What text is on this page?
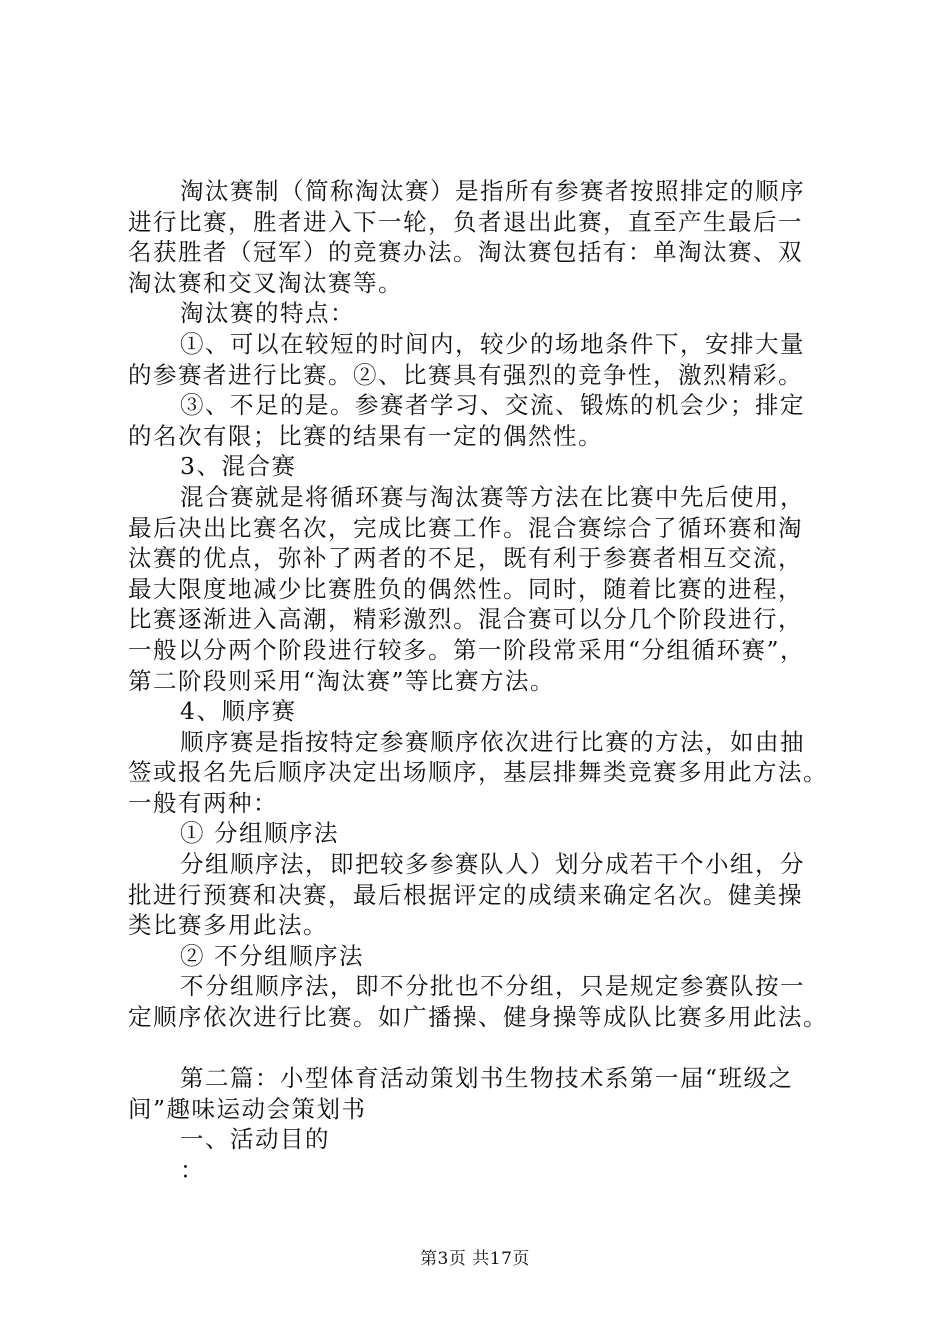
淘汰赛制（简称淘汰赛）是指所有参赛者按照排定的顺序
进行比赛，胜者进入下一轮，负者退出此赛，直至产生最后一
名获胜者（冠军）的竞赛办法。淘汰赛包括有：单淘汰赛、双
淘汰赛和交叉淘汰赛等。
淘汰赛的特点：
①、可以在较短的时间内，较少的场地条件下，安排大量
的参赛者进行比赛。②、比赛具有强烈的竞争性，激烈精彩。
③、不足的是。参赛者学习、交流、锻炼的机会少；排定
的名次有限；比赛的结果有一定的偶然性。
3、混合赛
混合赛就是将循环赛与淘汰赛等方法在比赛中先后使用，
最后决出比赛名次，完成比赛工作。混合赛综合了循环赛和淘
汰赛的优点，弥补了两者的不足，既有利于参赛者相互交流，
最大限度地减少比赛胜负的偶然性。同时，随着比赛的进程，
比赛逐渐进入高潮，精彩激烈。混合赛可以分几个阶段进行，
一般以分两个阶段进行较多。第一阶段常采用“分组循环赛”，
第二阶段则采用“淘汰赛”等比赛方法。
4、顺序赛
顺序赛是指按特定参赛顺序依次进行比赛的方法，如由抽
签或报名先后顺序决定出场顺序，基层排舞类竞赛多用此方法。
一般有两种：
① 分组顺序法
分组顺序法，即把较多参赛队人）划分成若干个小组，分
批进行预赛和决赛，最后根据评定的成绩来确定名次。健美操
类比赛多用此法。
② 不分组顺序法
不分组顺序法，即不分批也不分组，只是规定参赛队按一
定顺序依次进行比赛。如广播操、健身操等成队比赛多用此法。
第二篇：小型体育活动策划书生物技术系第一届“班级之
间”趣味运动会策划书
一、活动目的
：
第3页 共17页
